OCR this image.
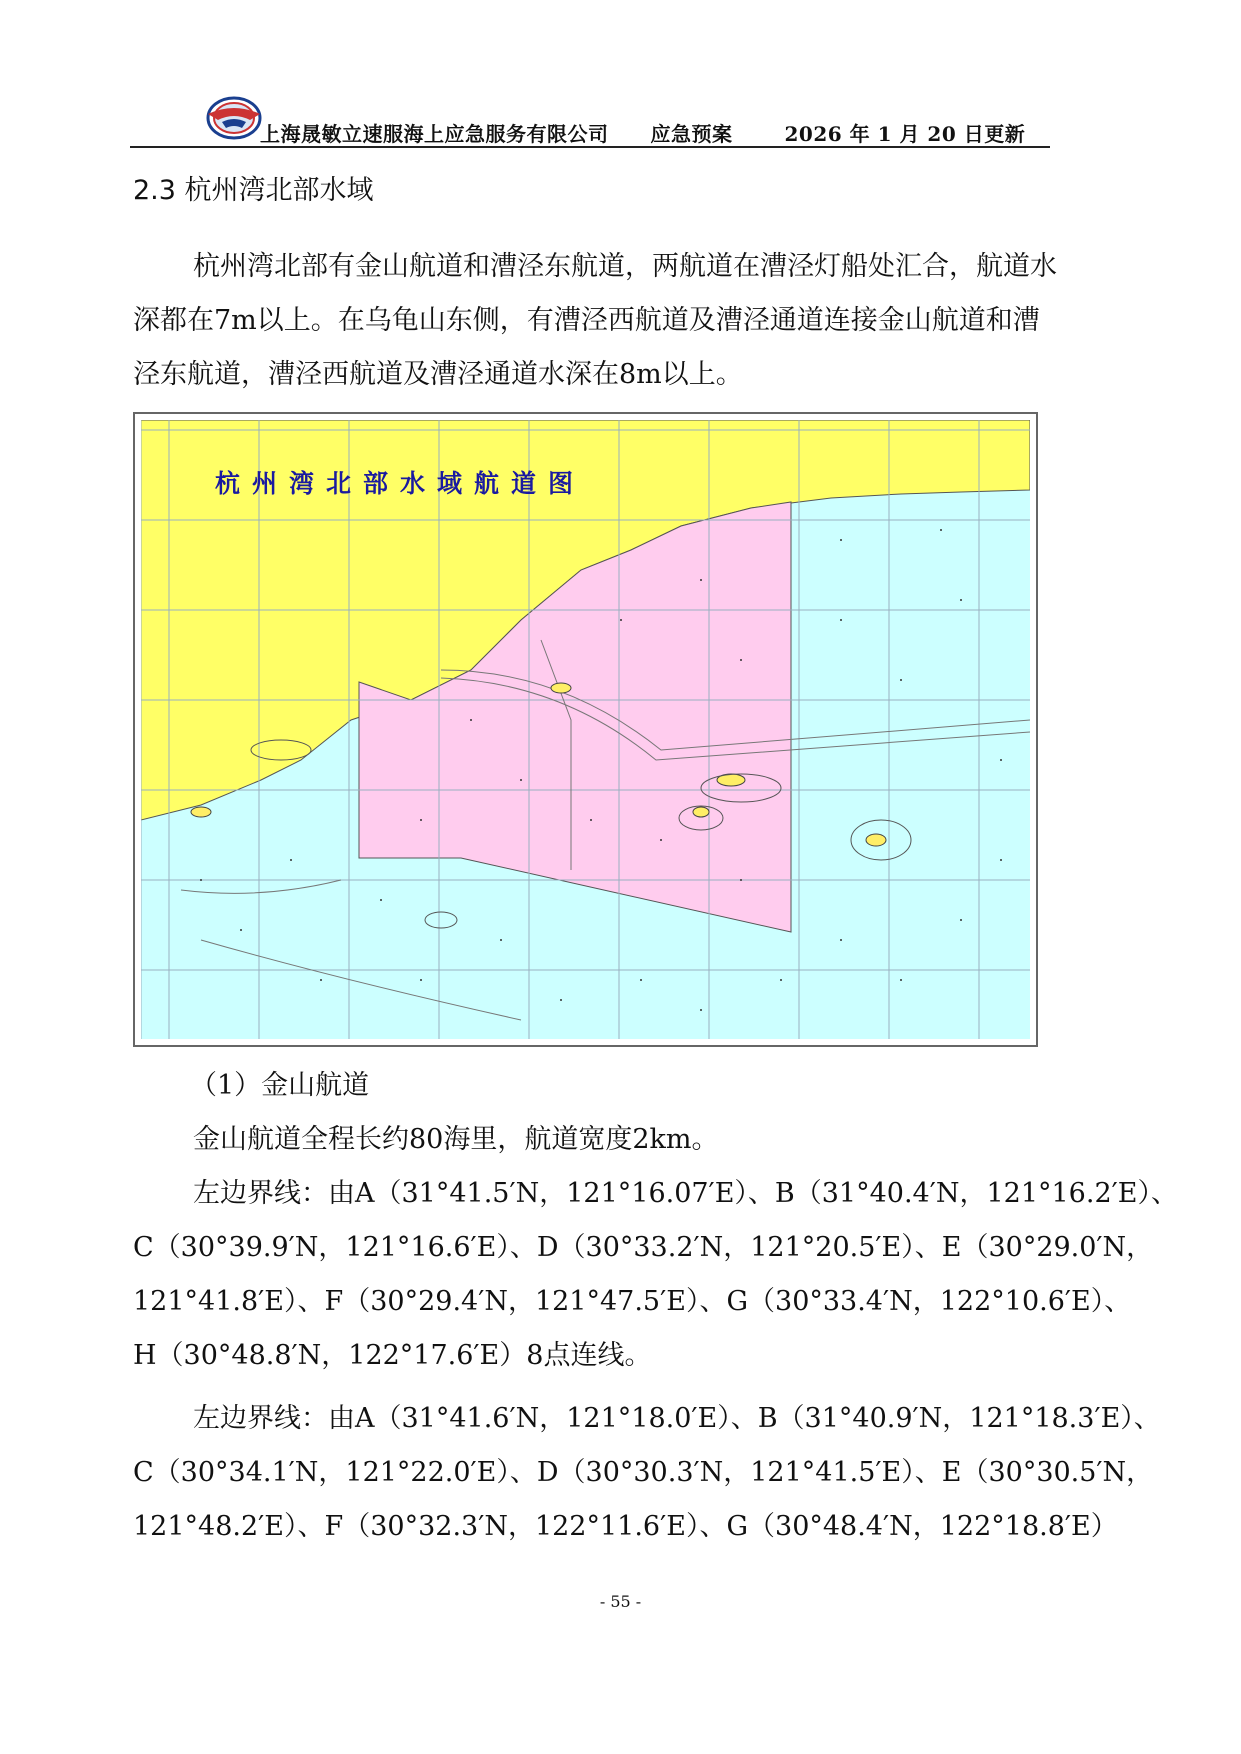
上海晟敏立速服海上应急服务有限公司 应急预案	2026 年 1 月 20 日更新
2.3 杭州湾北部水域
杭州湾北部有金山航道和漕泾东航道，两航道在漕泾灯船处汇合，航道水深都在7m以上。在乌龟山东侧，有漕泾西航道及漕泾通道连接金山航道和漕泾东航道，漕泾西航道及漕泾通道水深在8m以上。
杭州湾北部水域航道图
（1）金山航道
金山航道全程长约80海里，航道宽度2km。
左边界线：由A（31°41.5′N，121°16.07′E）、B（31°40.4′N，121°16.2′E）、
C（30°39.9′N，121°16.6′E）、D（30°33.2′N，121°20.5′E）、E（30°29.0′N，
121°41.8′E）、F（30°29.4′N，121°47.5′E）、G（30°33.4′N，122°10.6′E）、
H（30°48.8′N，122°17.6′E）8点连线。
左边界线：由A（31°41.6′N，121°18.0′E）、B（31°40.9′N，121°18.3′E）、
C（30°34.1′N，121°22.0′E）、D（30°30.3′N，121°41.5′E）、E（30°30.5′N，
121°48.2′E）、F（30°32.3′N，122°11.6′E）、G（30°48.4′N，122°18.8′E）
- 55 -
